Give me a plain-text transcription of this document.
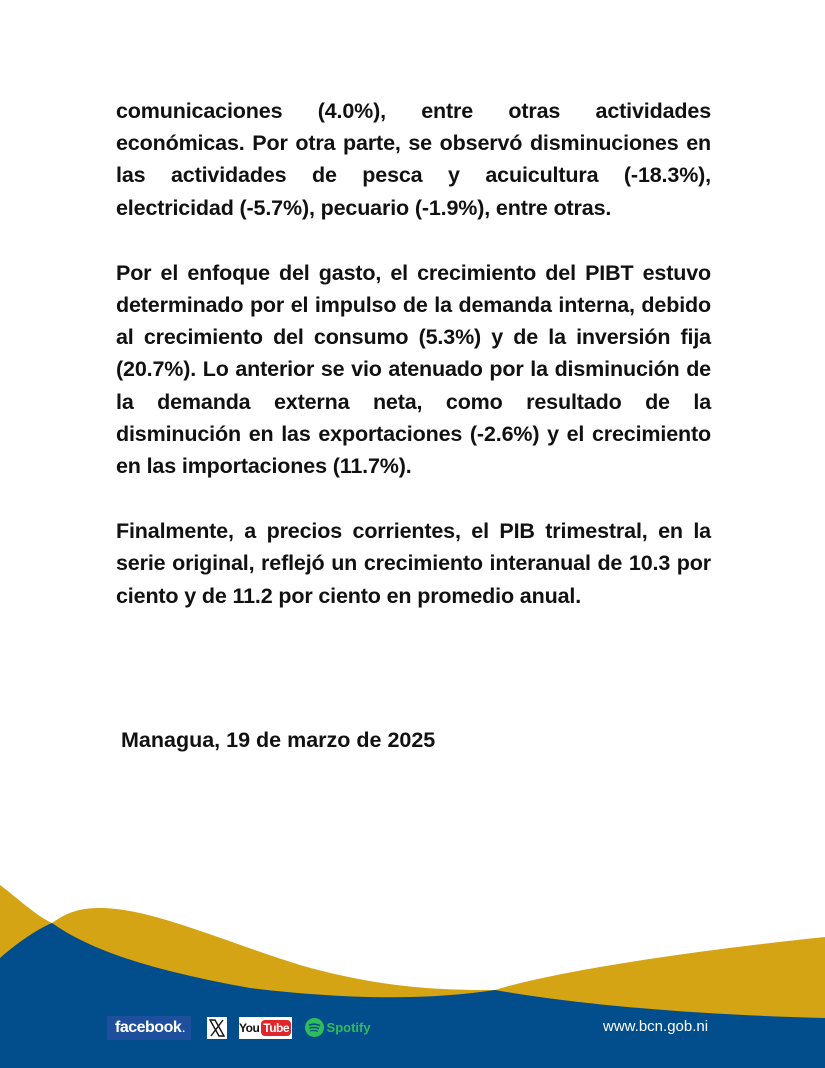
comunicaciones (4.0%), entre otras actividades económicas. Por otra parte, se observó disminuciones en las actividades de pesca y acuicultura (-18.3%), electricidad (-5.7%), pecuario (-1.9%), entre otras.

Por el enfoque del gasto, el crecimiento del PIBT estuvo determinado por el impulso de la demanda interna, debido al crecimiento del consumo (5.3%) y de la inversión fija (20.7%). Lo anterior se vio atenuado por la disminución de la demanda externa neta, como resultado de la disminución en las exportaciones (-2.6%) y el crecimiento en las importaciones (11.7%).

Finalmente, a precios corrientes, el PIB trimestral, en la serie original, reflejó un crecimiento interanual de 10.3 por ciento y de 11.2 por ciento en promedio anual.

Managua, 19 de marzo de 2025
facebook .	You Tube	Spotify	www.bcn.gob.ni
